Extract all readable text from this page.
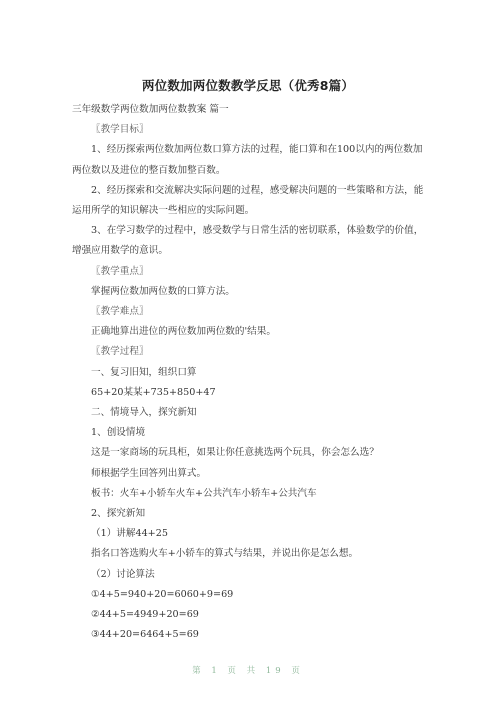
两位数加两位数教学反思（优秀8篇）

三年级数学两位数加两位数教案 篇一

〖教学目标〗

1、经历探索两位数加两位数口算方法的过程，能口算和在100以内的两位数加两位数以及进位的整百数加整百数。

2、经历探索和交流解决实际问题的过程，感受解决问题的一些策略和方法，能运用所学的知识解决一些相应的实际问题。

3、在学习数学的过程中，感受数学与日常生活的密切联系，体验数学的价值，增强应用数学的意识。

〖教学重点〗

掌握两位数加两位数的口算方法。

〖教学难点〗

正确地算出进位的两位数加两位数的'结果。

〖教学过程〗

一、复习旧知，组织口算

65+20某某+735+850+47

二、情境导入，探究新知

1、创设情境

这是一家商场的玩具柜，如果让你任意挑选两个玩具，你会怎么选？

师根据学生回答列出算式。

板书：火车+小轿车火车+公共汽车小轿车+公共汽车

2、探究新知

（1）讲解44+25

指名口答选购火车+小轿车的算式与结果，并说出你是怎么想。

（2）讨论算法

①4+5=940+20=6060+9=69

②44+5=4949+20=69

③44+20=6464+5=69

第 1 页 共 19 页
